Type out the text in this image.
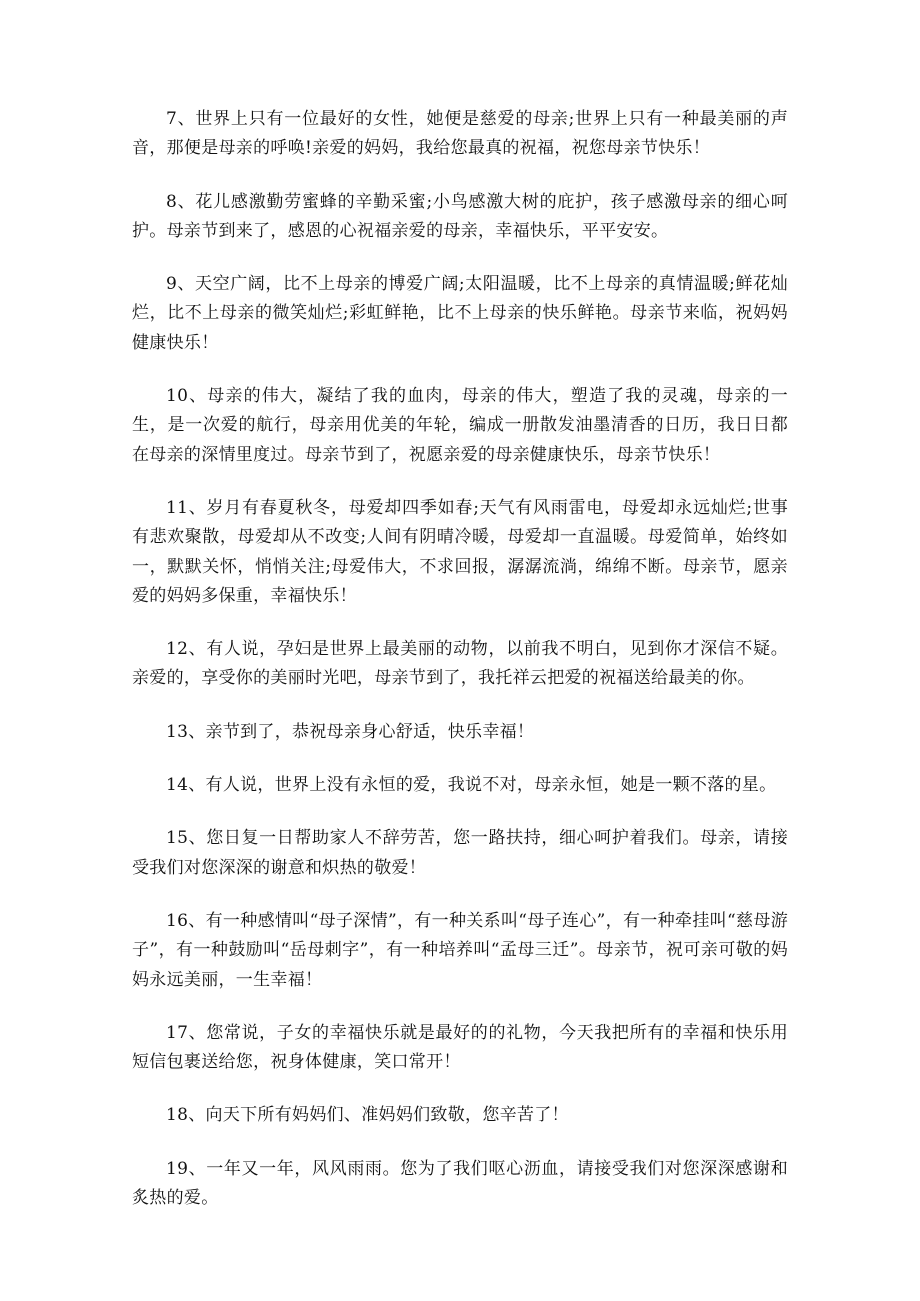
7、世界上只有一位最好的女性，她便是慈爱的母亲;世界上只有一种最美丽的声音，那便是母亲的呼唤!亲爱的妈妈，我给您最真的祝福，祝您母亲节快乐！

8、花儿感激勤劳蜜蜂的辛勤采蜜;小鸟感激大树的庇护，孩子感激母亲的细心呵护。母亲节到来了，感恩的心祝福亲爱的母亲，幸福快乐，平平安安。

9、天空广阔，比不上母亲的博爱广阔;太阳温暖，比不上母亲的真情温暖;鲜花灿烂，比不上母亲的微笑灿烂;彩虹鲜艳，比不上母亲的快乐鲜艳。母亲节来临，祝妈妈健康快乐！

10、母亲的伟大，凝结了我的血肉，母亲的伟大，塑造了我的灵魂，母亲的一生，是一次爱的航行，母亲用优美的年轮，编成一册散发油墨清香的日历，我日日都在母亲的深情里度过。母亲节到了，祝愿亲爱的母亲健康快乐，母亲节快乐！

11、岁月有春夏秋冬，母爱却四季如春;天气有风雨雷电，母爱却永远灿烂;世事有悲欢聚散，母爱却从不改变;人间有阴晴冷暖，母爱却一直温暖。母爱简单，始终如一，默默关怀，悄悄关注;母爱伟大，不求回报，潺潺流淌，绵绵不断。母亲节，愿亲爱的妈妈多保重，幸福快乐！

12、有人说，孕妇是世界上最美丽的动物，以前我不明白，见到你才深信不疑。亲爱的，享受你的美丽时光吧，母亲节到了，我托祥云把爱的祝福送给最美的你。

13、亲节到了，恭祝母亲身心舒适，快乐幸福！

14、有人说，世界上没有永恒的爱，我说不对，母亲永恒，她是一颗不落的星。

15、您日复一日帮助家人不辞劳苦，您一路扶持，细心呵护着我们。母亲，请接受我们对您深深的谢意和炽热的敬爱！

16、有一种感情叫“母子深情”，有一种关系叫“母子连心”，有一种牵挂叫“慈母游子”，有一种鼓励叫“岳母刺字”，有一种培养叫“孟母三迁”。母亲节，祝可亲可敬的妈妈永远美丽，一生幸福！

17、您常说，子女的幸福快乐就是最好的的礼物，今天我把所有的幸福和快乐用短信包裹送给您，祝身体健康，笑口常开！

18、向天下所有妈妈们、准妈妈们致敬，您辛苦了！

19、一年又一年，风风雨雨。您为了我们呕心沥血，请接受我们对您深深感谢和炙热的爱。
